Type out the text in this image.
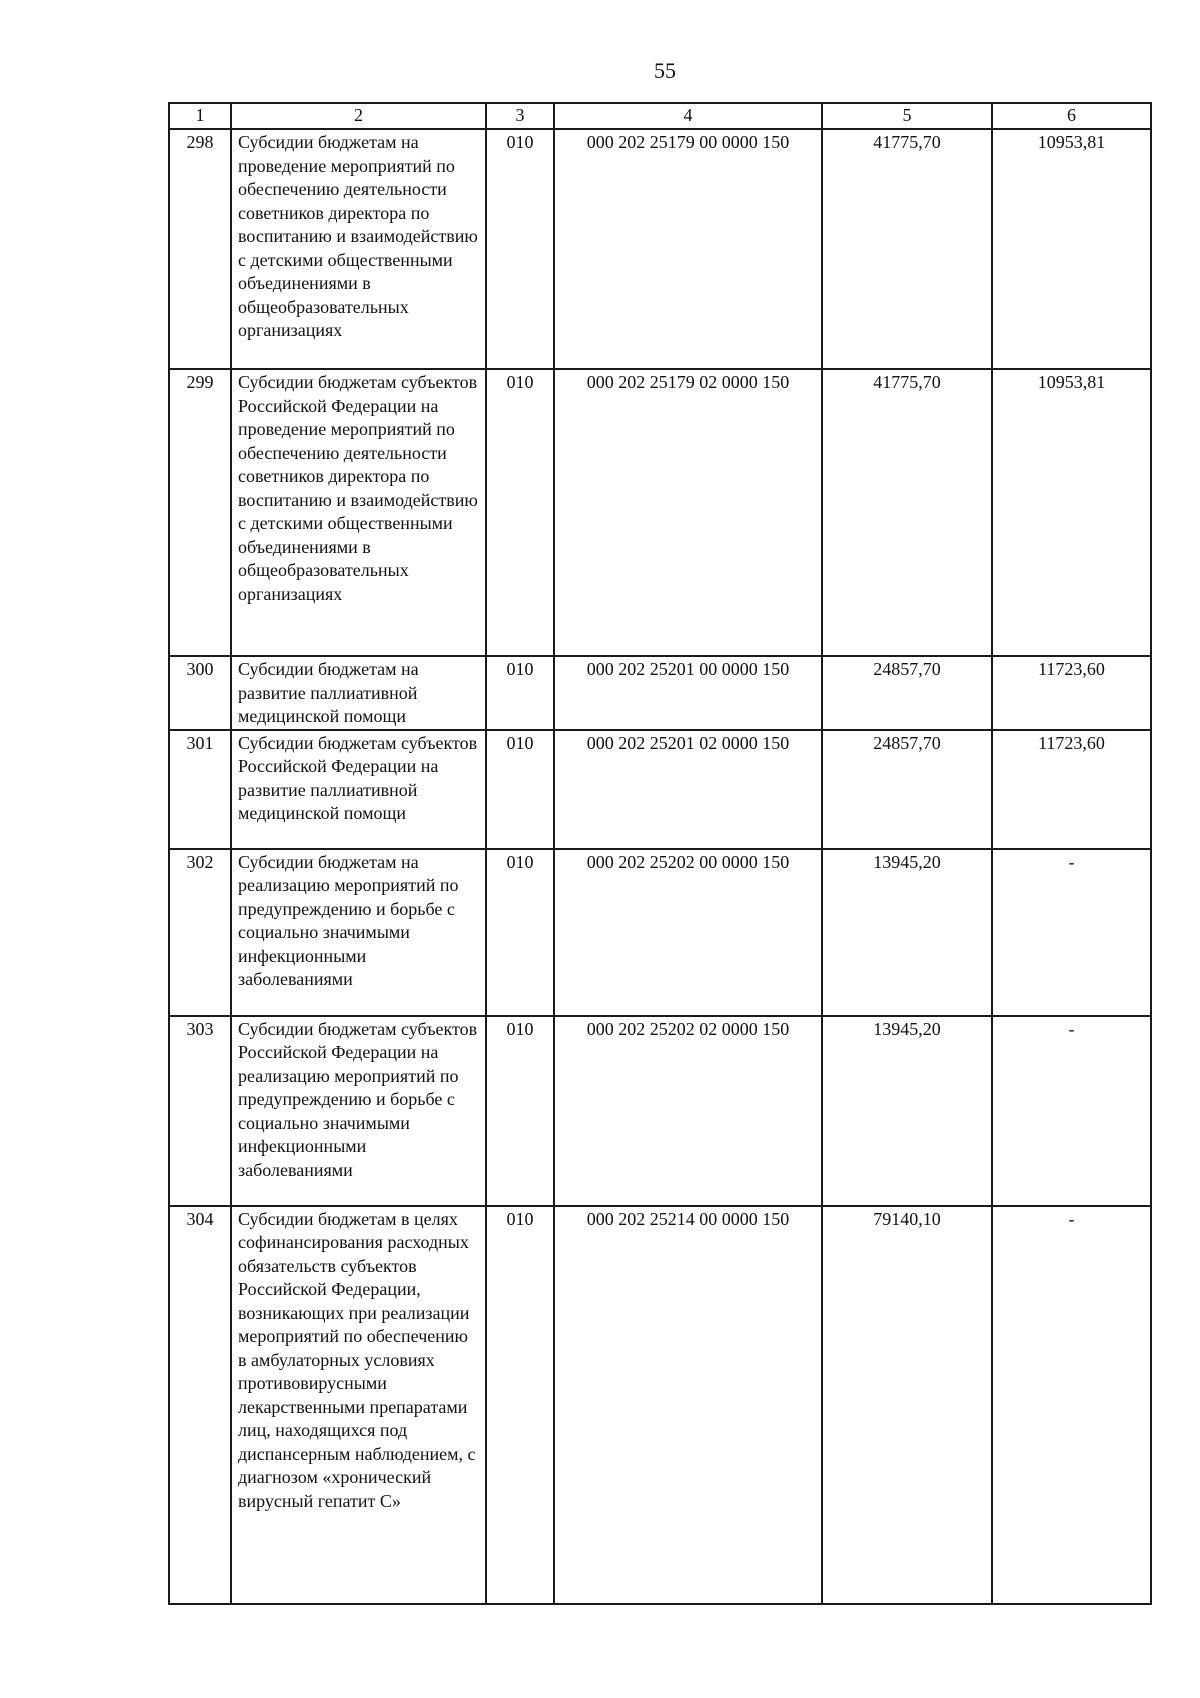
55
1	2	3	4	5	6
298	Субсидии бюджетам на проведение мероприятий по обеспечению деятельности советников директора по воспитанию и взаимодействию с детскими общественными объединениями в общеобразовательных организациях	010	000 202 25179 00 0000 150	41775,70	10953,81
299	Субсидии бюджетам субъектов Российской Федерации на проведение мероприятий по обеспечению деятельности советников директора по воспитанию и взаимодействию с детскими общественными объединениями в общеобразовательных организациях	010	000 202 25179 02 0000 150	41775,70	10953,81
300	Субсидии бюджетам на развитие паллиативной медицинской помощи	010	000 202 25201 00 0000 150	24857,70	11723,60
301	Субсидии бюджетам субъектов Российской Федерации на развитие паллиативной медицинской помощи	010	000 202 25201 02 0000 150	24857,70	11723,60
302	Субсидии бюджетам на реализацию мероприятий по предупреждению и борьбе с социально значимыми инфекционными заболеваниями	010	000 202 25202 00 0000 150	13945,20	-
303	Субсидии бюджетам субъектов Российской Федерации на реализацию мероприятий по предупреждению и борьбе с социально значимыми инфекционными заболеваниями	010	000 202 25202 02 0000 150	13945,20	-
304	Субсидии бюджетам в целях софинансирования расходных обязательств субъектов Российской Федерации, возникающих при реализации мероприятий по обеспечению в амбулаторных условиях противовирусными лекарственными препаратами лиц, находящихся под диспансерным наблюдением, с диагнозом «хронический вирусный гепатит С»	010	000 202 25214 00 0000 150	79140,10	-
